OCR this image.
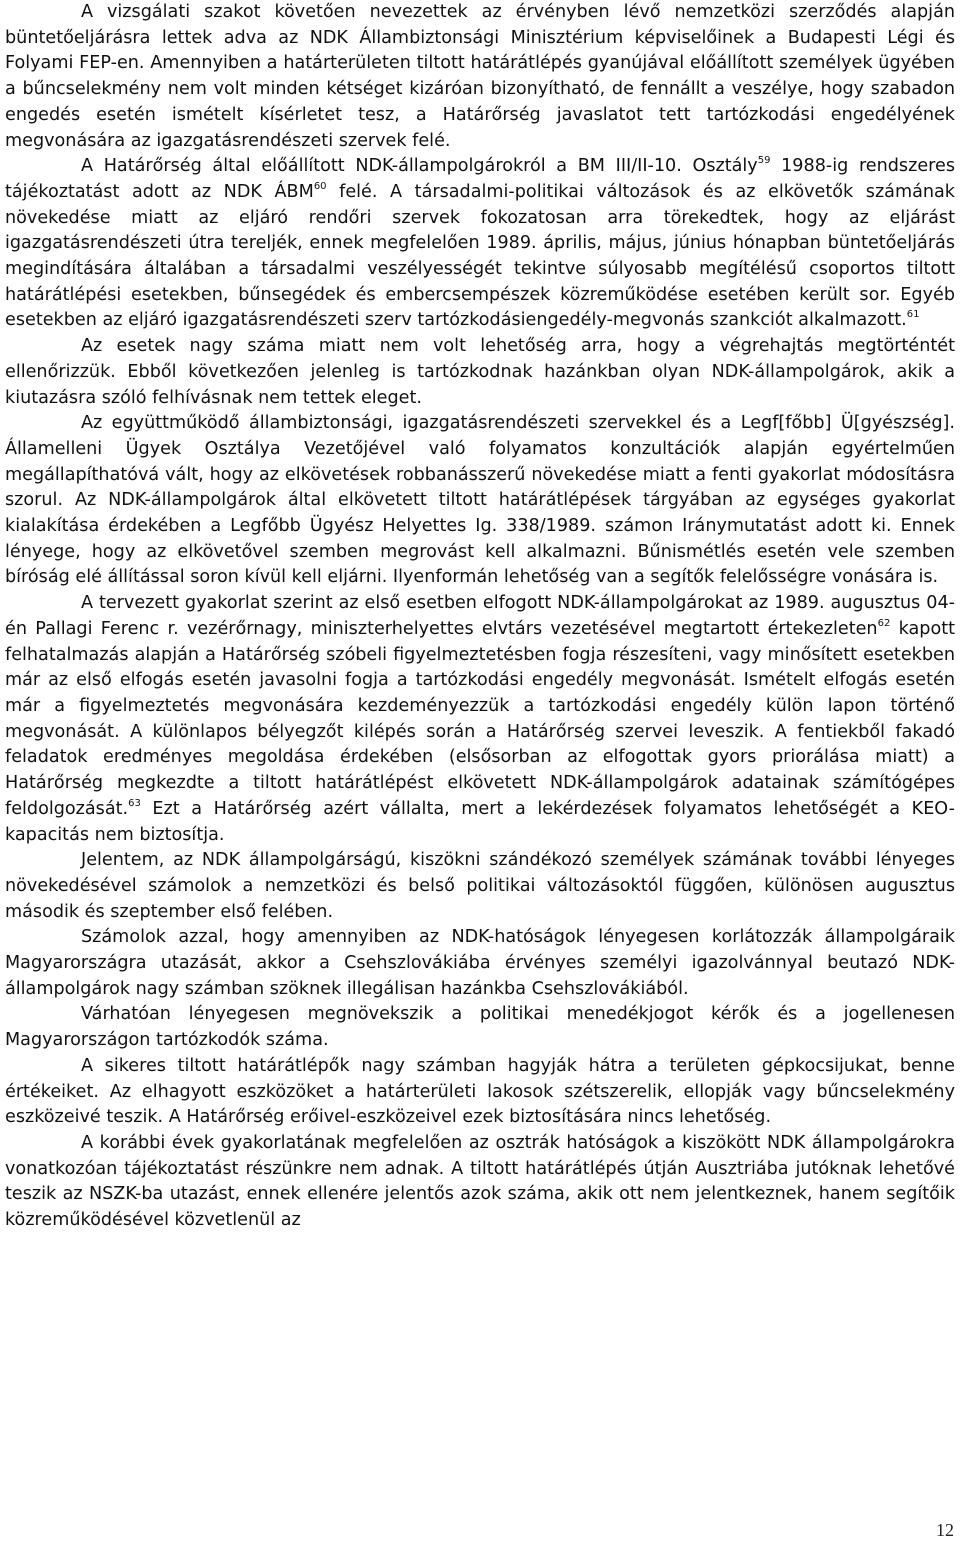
A vizsgálati szakot követően nevezettek az érvényben lévő nemzetközi szerződés alapján büntetőeljárásra lettek adva az NDK Állambiztonsági Minisztérium képviselőinek a Budapesti Légi és Folyami FEP-en. Amennyiben a határterületen tiltott határátlépés gyanújával előállított személyek ügyében a bűncselekmény nem volt minden kétséget kizáróan bizonyítható, de fennállt a veszélye, hogy szabadon engedés esetén ismételt kísérletet tesz, a Határőrség javaslatot tett tartózkodási engedélyének megvonására az igazgatásrendészeti szervek felé.

A Határőrség által előállított NDK-állampolgárokról a BM III/II-10. Osztály$^{59}$ 1988-ig rendszeres tájékoztatást adott az NDK ÁBM$^{60}$ felé. A társadalmi-politikai változások és az elkövetők számának növekedése miatt az eljáró rendőri szervek fokozatosan arra törekedtek, hogy az eljárást igazgatásrendészeti útra tereljék, ennek megfelelően 1989. április, május, június hónapban büntetőeljárás megindítására általában a társadalmi veszélyességét tekintve súlyosabb megítélésű csoportos tiltott határátlépési esetekben, bűnsegédek és embercsempészek közreműködése esetében került sor. Egyéb esetekben az eljáró igazgatásrendészeti szerv tartózkodásiengedély-megvonás szankciót alkalmazott.$^{61}$

Az esetek nagy száma miatt nem volt lehetőség arra, hogy a végrehajtás megtörténtét ellenőrizzük. Ebből következően jelenleg is tartózkodnak hazánkban olyan NDK-állampolgárok, akik a kiutazásra szóló felhívásnak nem tettek eleget.

Az együttműködő állambiztonsági, igazgatásrendészeti szervekkel és a Legf[főbb] Ü[gyészség]. Államelleni Ügyek Osztálya Vezetőjével való folyamatos konzultációk alapján egyértelműen megállapíthatóvá vált, hogy az elkövetések robbanásszerű növekedése miatt a fenti gyakorlat módosításra szorul. Az NDK-állampolgárok által elkövetett tiltott határátlépések tárgyában az egységes gyakorlat kialakítása érdekében a Legfőbb Ügyész Helyettes Ig. 338/1989. számon Iránymutatást adott ki. Ennek lényege, hogy az elkövetővel szemben megrovást kell alkalmazni. Bűnismétlés esetén vele szemben bíróság elé állítással soron kívül kell eljárni. Ilyenformán lehetőség van a segítők felelősségre vonására is.

A tervezett gyakorlat szerint az első esetben elfogott NDK-állampolgárokat az 1989. augusztus 04-én Pallagi Ferenc r. vezérőrnagy, miniszterhelyettes elvtárs vezetésével megtartott értekezleten$^{62}$ kapott felhatalmazás alapján a Határőrség szóbeli figyelmeztetésben fogja részesíteni, vagy minősített esetekben már az első elfogás esetén javasolni fogja a tartózkodási engedély megvonását. Ismételt elfogás esetén már a figyelmeztetés megvonására kezdeményezzük a tartózkodási engedély külön lapon történő megvonását. A különlapos bélyegzőt kilépés során a Határőrség szervei leveszik. A fentiekből fakadó feladatok eredményes megoldása érdekében (elsősorban az elfogottak gyors priorálása miatt) a Határőrség megkezdte a tiltott határátlépést elkövetett NDK-állampolgárok adatainak számítógépes feldolgozását.$^{63}$ Ezt a Határőrség azért vállalta, mert a lekérdezések folyamatos lehetőségét a KEO-kapacitás nem biztosítja.

Jelentem, az NDK állampolgárságú, kiszökni szándékozó személyek számának további lényeges növekedésével számolok a nemzetközi és belső politikai változásoktól függően, különösen augusztus második és szeptember első felében.

Számolok azzal, hogy amennyiben az NDK-hatóságok lényegesen korlátozzák állampolgáraik Magyarországra utazását, akkor a Csehszlovákiába érvényes személyi igazolvánnyal beutazó NDK-állampolgárok nagy számban szöknek illegálisan hazánkba Csehszlovákiából.

Várhatóan lényegesen megnövekszik a politikai menedékjogot kérők és a jogellenesen Magyarországon tartózkodók száma.

A sikeres tiltott határátlépők nagy számban hagyják hátra a területen gépkocsijukat, benne értékeiket. Az elhagyott eszközöket a határterületi lakosok szétszerelik, ellopják vagy bűncselekmény eszközeivé teszik. A Határőrség erőivel-eszközeivel ezek biztosítására nincs lehetőség.

A korábbi évek gyakorlatának megfelelően az osztrák hatóságok a kiszökött NDK állampolgárokra vonatkozóan tájékoztatást részünkre nem adnak. A tiltott határátlépés útján Ausztriába jutóknak lehetővé teszik az NSZK-ba utazást, ennek ellenére jelentős azok száma, akik ott nem jelentkeznek, hanem segítőik közreműködésével közvetlenül az

12
